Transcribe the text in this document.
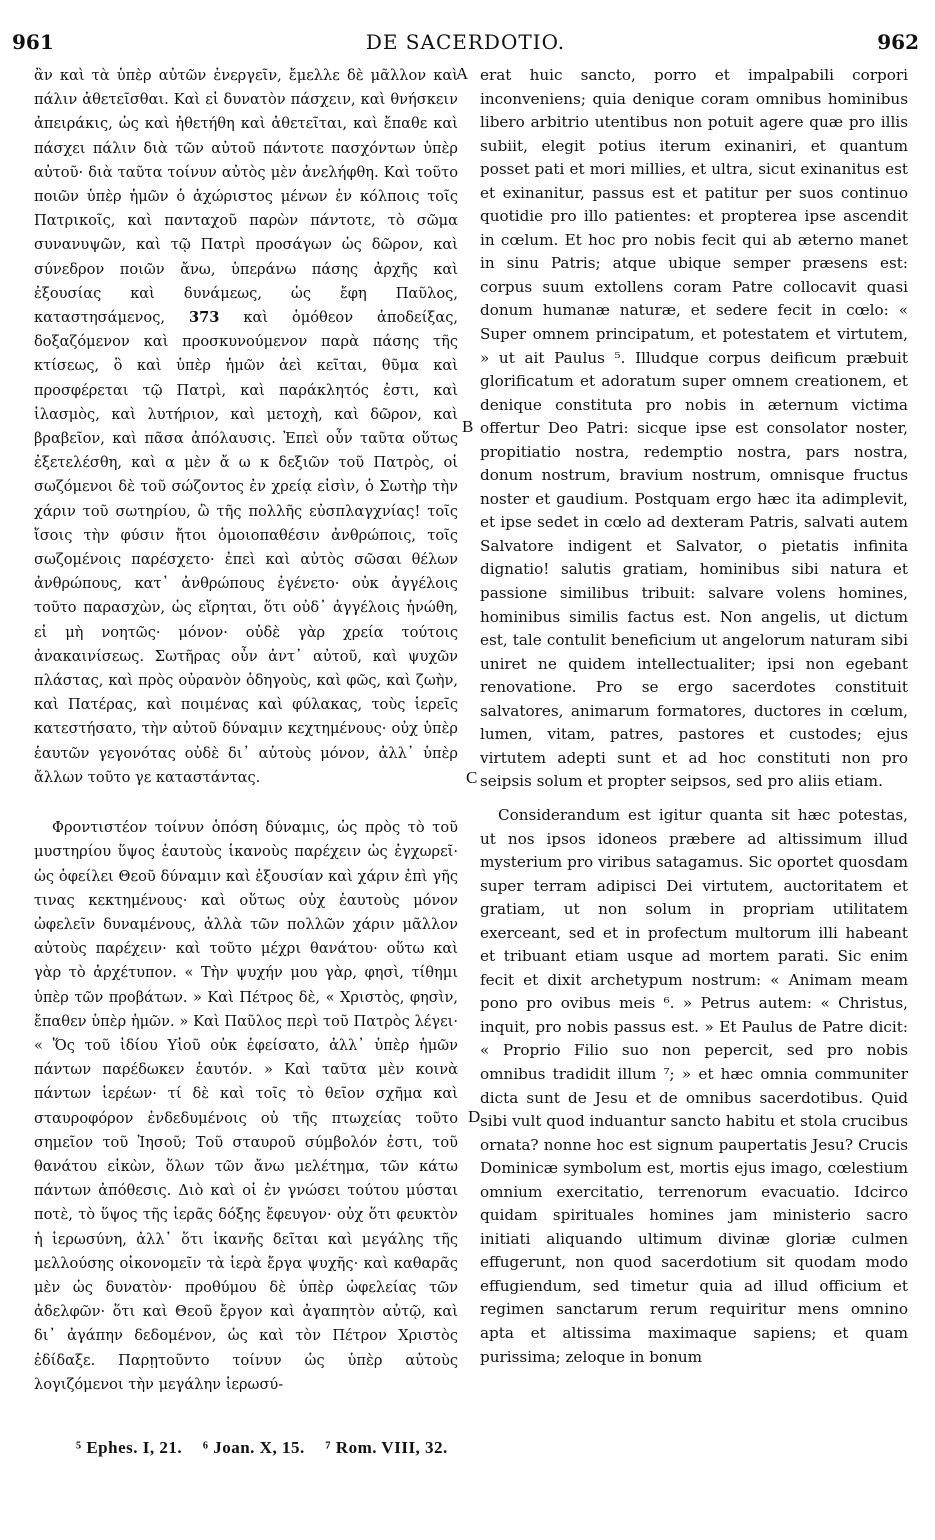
961	DE SACERDOTIO.	962

ἂν καὶ τὰ ὑπὲρ αὐτῶν ἐνεργεῖν, ἔμελλε δὲ μᾶλλον καὶ πάλιν ἀθετεῖσθαι. Καὶ εἰ δυνατὸν πάσχειν, καὶ θνήσκειν ἀπειράκις, ὡς καὶ ἠθετήθη καὶ ἀθετεῖται, καὶ ἔπαθε καὶ πάσχει πάλιν διὰ τῶν αὐτοῦ πάντοτε πασχόντων ὑπὲρ αὐτοῦ· διὰ ταῦτα τοίνυν αὐτὸς μὲν ἀνελήφθη. Καὶ τοῦτο ποιῶν ὑπὲρ ἡμῶν ὁ ἀχώριστος μένων ἐν κόλποις τοῖς Πατρικοῖς, καὶ πανταχοῦ παρὼν πάντοτε, τὸ σῶμα συνανυψῶν, καὶ τῷ Πατρὶ προσάγων ὡς δῶρον, καὶ σύνεδρον ποιῶν ἄνω, ὑπεράνω πάσης ἀρχῆς καὶ ἐξουσίας καὶ δυνάμεως, ὡς ἔφη Παῦλος, καταστησάμενος, 373 καὶ ὁμόθεον ἀποδείξας, δοξαζόμενον καὶ προσκυνούμενον παρὰ πάσης τῆς κτίσεως, ὃ καὶ ὑπὲρ ἡμῶν ἀεὶ κεῖται, θῦμα καὶ προσφέρεται τῷ Πατρὶ, καὶ παράκλητός ἐστι, καὶ ἱλασμὸς, καὶ λυτήριον, καὶ μετοχὴ, καὶ δῶρον, καὶ βραβεῖον, καὶ πᾶσα ἀπόλαυσις. Ἐπεὶ οὖν ταῦτα οὕτως ἐξετελέσθη, καὶ α μὲν ἄ ω κ δεξιῶν τοῦ Πατρὸς, οἱ σωζόμενοι δὲ τοῦ σώζοντος ἐν χρείᾳ εἰσὶν, ὁ Σωτὴρ τὴν χάριν τοῦ σωτηρίου, ὢ τῆς πολλῆς εὐσπλαγχνίας! τοῖς ἴσοις τὴν φύσιν ἤτοι ὁμοιοπαθέσιν ἀνθρώποις, τοῖς σωζομένοις παρέσχετο· ἐπεὶ καὶ αὐτὸς σῶσαι θέλων ἀνθρώπους, κατ᾽ ἀνθρώπους ἐγένετο· οὐκ ἀγγέλοις τοῦτο παρασχὼν, ὡς εἴρηται, ὅτι οὐδ᾽ ἀγγέλοις ἡνώθη, εἰ μὴ νοητῶς· μόνον· οὐδὲ γὰρ χρεία τούτοις ἀνακαινίσεως. Σωτῆρας οὖν ἀντ᾽ αὐτοῦ, καὶ ψυχῶν πλάστας, καὶ πρὸς οὐρανὸν ὁδηγοὺς, καὶ φῶς, καὶ ζωὴν, καὶ Πατέρας, καὶ ποιμένας καὶ φύλακας, τοὺς ἱερεῖς κατεστήσατο, τὴν αὐτοῦ δύναμιν κεχτημένους· οὐχ ὑπὲρ ἑαυτῶν γεγονότας οὐδὲ δι᾽ αὐτοὺς μόνον, ἀλλ᾽ ὑπὲρ ἄλλων τοῦτο γε καταστάντας.

Φροντιστέον τοίνυν ὁπόση δύναμις, ὡς πρὸς τὸ τοῦ μυστηρίου ὕψος ἑαυτοὺς ἱκανοὺς παρέχειν ὡς ἐγχωρεῖ· ὡς ὀφείλει Θεοῦ δύναμιν καὶ ἐξουσίαν καὶ χάριν ἐπὶ γῆς τινας κεκτημένους· καὶ οὕτως οὐχ ἑαυτοὺς μόνον ὠφελεῖν δυναμένους, ἀλλὰ τῶν πολλῶν χάριν μᾶλλον αὐτοὺς παρέχειν· καὶ τοῦτο μέχρι θανάτου· οὕτω καὶ γὰρ τὸ ἀρχέτυπον. « Τὴν ψυχήν μου γὰρ, φησὶ, τίθημι ὑπὲρ τῶν προβάτων. » Καὶ Πέτρος δὲ, « Χριστὸς, φησὶν, ἔπαθεν ὑπὲρ ἡμῶν. » Καὶ Παῦλος περὶ τοῦ Πατρὸς λέγει· « Ὅς τοῦ ἰδίου Υἱοῦ οὐκ ἐφείσατο, ἀλλ᾽ ὑπὲρ ἡμῶν πάντων παρέδωκεν ἑαυτόν. » Καὶ ταῦτα μὲν κοινὰ πάντων ἱερέων· τί δὲ καὶ τοῖς τὸ θεῖον σχῆμα καὶ σταυροφόρον ἐνδεδυμένοις οὐ τῆς πτωχείας τοῦτο σημεῖον τοῦ Ἰησοῦ; Τοῦ σταυροῦ σύμβολόν ἐστι, τοῦ θανάτου εἰκὼν, ὅλων τῶν ἄνω μελέτημα, τῶν κάτω πάντων ἀπόθεσις. Διὸ καὶ οἱ ἐν γνώσει τούτου μύσται ποτὲ, τὸ ὕψος τῆς ἱερᾶς δόξης ἔφευγον· οὐχ ὅτι φευκτὸν ἡ ἱερωσύνη, ἀλλ᾽ ὅτι ἱκανῆς δεῖται καὶ μεγάλης τῆς μελλούσης οἰκονομεῖν τὰ ἱερὰ ἔργα ψυχῆς· καὶ καθαρᾶς μὲν ὡς δυνατὸν· προθύμου δὲ ὑπὲρ ὠφελείας τῶν ἀδελφῶν· ὅτι καὶ Θεοῦ ἔργον καὶ ἀγαπητὸν αὐτῷ, καὶ δι᾽ ἀγάπην δεδομένον, ὡς καὶ τὸν Πέτρον Χριστὸς ἐδίδαξε. Παρῃτοῦντο τοίνυν ὡς ὑπὲρ αὐτοὺς λογιζόμενοι τὴν μεγάλην ἱερωσύ-

A
B
C
D

erat huic sancto, porro et impalpabili corpori inconveniens; quia denique coram omnibus hominibus libero arbitrio utentibus non potuit agere quæ pro illis subiit, elegit potius iterum exinaniri, et quantum posset pati et mori millies, et ultra, sicut exinanitus est et exinanitur, passus est et patitur per suos continuo quotidie pro illo patientes: et propterea ipse ascendit in cœlum. Et hoc pro nobis fecit qui ab æterno manet in sinu Patris; atque ubique semper præsens est: corpus suum extollens coram Patre collocavit quasi donum humanæ naturæ, et sedere fecit in cœlo: « Super omnem principatum, et potestatem et virtutem, » ut ait Paulus ⁵. Illudque corpus deificum præbuit glorificatum et adoratum super omnem creationem, et denique constituta pro nobis in æternum victima offertur Deo Patri: sicque ipse est consolator noster, propitiatio nostra, redemptio nostra, pars nostra, donum nostrum, bravium nostrum, omnisque fructus noster et gaudium. Postquam ergo hæc ita adimplevit, et ipse sedet in cœlo ad dexteram Patris, salvati autem Salvatore indigent et Salvator, o pietatis infinita dignatio! salutis gratiam, hominibus sibi natura et passione similibus tribuit: salvare volens homines, hominibus similis factus est. Non angelis, ut dictum est, tale contulit beneficium ut angelorum naturam sibi uniret ne quidem intellectualiter; ipsi non egebant renovatione. Pro se ergo sacerdotes constituit salvatores, animarum formatores, ductores in cœlum, lumen, vitam, patres, pastores et custodes; ejus virtutem adepti sunt et ad hoc constituti non pro seipsis solum et propter seipsos, sed pro aliis etiam.

Considerandum est igitur quanta sit hæc potestas, ut nos ipsos idoneos præbere ad altissimum illud mysterium pro viribus satagamus. Sic oportet quosdam super terram adipisci Dei virtutem, auctoritatem et gratiam, ut non solum in propriam utilitatem exerceant, sed et in profectum multorum illi habeant et tribuant etiam usque ad mortem parati. Sic enim fecit et dixit archetypum nostrum: « Animam meam pono pro ovibus meis ⁶. » Petrus autem: « Christus, inquit, pro nobis passus est. » Et Paulus de Patre dicit: « Proprio Filio suo non pepercit, sed pro nobis omnibus tradidit illum ⁷; » et hæc omnia communiter dicta sunt de Jesu et de omnibus sacerdotibus. Quid sibi vult quod induantur sancto habitu et stola crucibus ornata? nonne hoc est signum paupertatis Jesu? Crucis Dominicæ symbolum est, mortis ejus imago, cœlestium omnium exercitatio, terrenorum evacuatio. Idcirco quidam spirituales homines jam ministerio sacro initiati aliquando ultimum divinæ gloriæ culmen effugerunt, non quod sacerdotium sit quodam modo effugiendum, sed timetur quia ad illud officium et regimen sanctarum rerum requiritur mens omnino apta et altissima maximaque sapiens; et quam purissima; zeloque in bonum

⁵ Ephes. I, 21. ⁶ Joan. X, 15. ⁷ Rom. VIII, 32.
